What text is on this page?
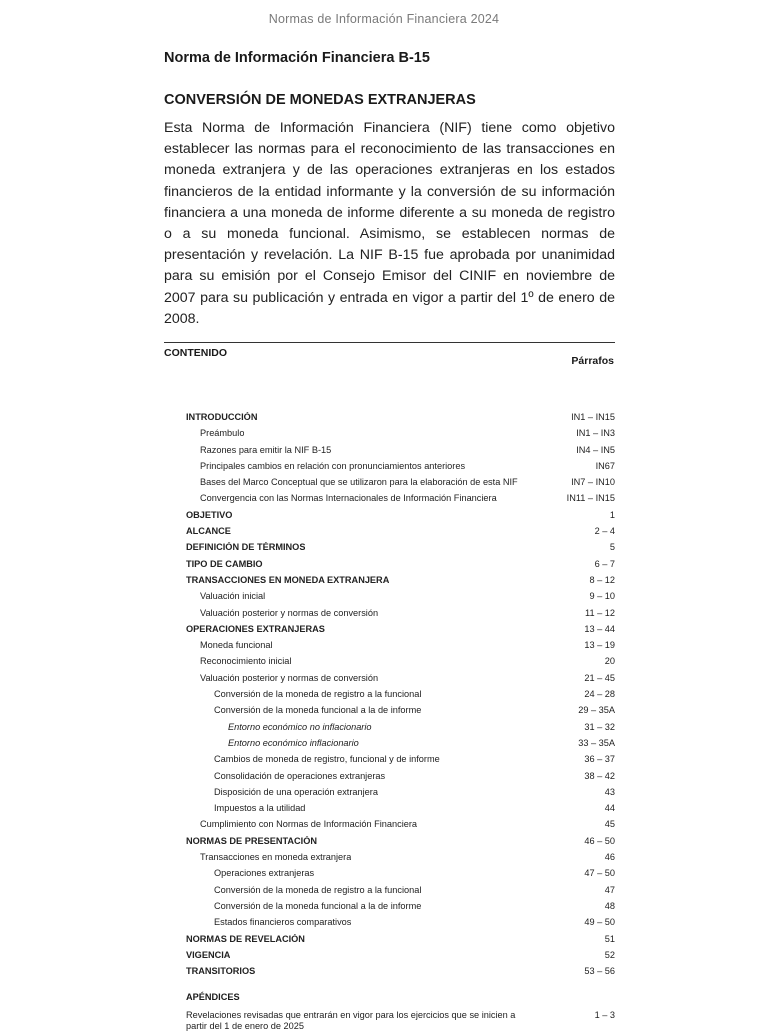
Normas de Información Financiera 2024
Norma de Información Financiera B-15
CONVERSIÓN DE MONEDAS EXTRANJERAS
Esta Norma de Información Financiera (NIF) tiene como objetivo establecer las normas para el reconocimiento de las transacciones en moneda extranjera y de las operaciones extranjeras en los estados financieros de la entidad informante y la conversión de su información financiera a una moneda de informe diferente a su moneda de registro o a su moneda funcional. Asimismo, se establecen normas de presentación y revelación. La NIF B-15 fue aprobada por unanimidad para su emisión por el Consejo Emisor del CINIF en noviembre de 2007 para su publicación y entrada en vigor a partir del 1º de enero de 2008.
CONTENIDO
Párrafos
INTRODUCCIÓN	IN1 – IN15
Preámbulo	IN1 – IN3
Razones para emitir la NIF B-15	IN4 – IN5
Principales cambios en relación con pronunciamientos anteriores	IN67
Bases del Marco Conceptual que se utilizaron para la elaboración de esta NIF	IN7 – IN10
Convergencia con las Normas Internacionales de Información Financiera	IN11 – IN15
OBJETIVO	1
ALCANCE	2 – 4
DEFINICIÓN DE TÉRMINOS	5
TIPO DE CAMBIO	6 – 7
TRANSACCIONES EN MONEDA EXTRANJERA	8 – 12
Valuación inicial	9 – 10
Valuación posterior y normas de conversión	11 – 12
OPERACIONES EXTRANJERAS	13 – 44
Moneda funcional	13 – 19
Reconocimiento inicial	20
Valuación posterior y normas de conversión	21 – 45
Conversión de la moneda de registro a la funcional	24 – 28
Conversión de la moneda funcional a la de informe	29 – 35A
Entorno económico no inflacionario	31 – 32
Entorno económico inflacionario	33 – 35A
Cambios de moneda de registro, funcional y de informe	36 – 37
Consolidación de operaciones extranjeras	38 – 42
Disposición de una operación extranjera	43
Impuestos a la utilidad	44
Cumplimiento con Normas de Información Financiera	45
NORMAS DE PRESENTACIÓN	46 – 50
Transacciones en moneda extranjera	46
Operaciones extranjeras	47 – 50
Conversión de la moneda de registro a la funcional	47
Conversión de la moneda funcional a la de informe	48
Estados financieros comparativos	49 – 50
NORMAS DE REVELACIÓN	51
VIGENCIA	52
TRANSITORIOS	53 – 56
APÉNDICES
Revelaciones revisadas que entrarán en vigor para los ejercicios que se inicien a partir del 1 de enero de 2025
1 – 3
